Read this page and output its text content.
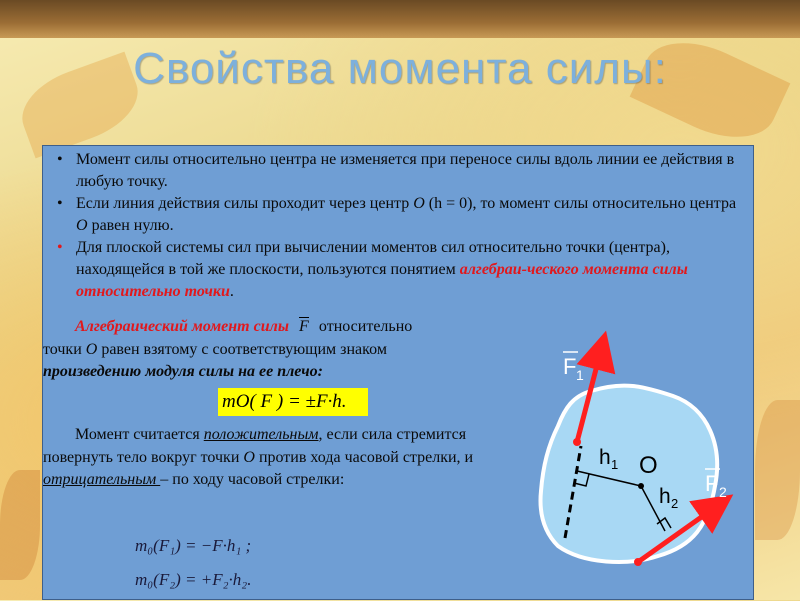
Свойства момента силы:
• Момент силы относительно центра не изменяется при переносе силы вдоль линии ее действия в любую точку.
• Если линия действия силы проходит через центр O (h = 0), то момент силы относительно центра O равен нулю.
• Для плоской системы сил при вычислении моментов сил относительно точки (центра), находящейся в той же плоскости, пользуются понятием алгебраи-ческого момента силы относительно точки.
Алгебраический момент силы F относительно
точки O равен взятому с соответствующим знаком
произведению модуля силы на ее плечо:
mO( F ) = ±F·h.
Момент считается положительным, если сила стремится повернуть тело вокруг точки O против хода часовой стрелки, и отрицательным – по ходу часовой стрелки:
m₀(F₁) = −F·h₁ ;
m₀(F₂) = +F₂·h₂.
F 1
h 1 O
h 2
F 2
